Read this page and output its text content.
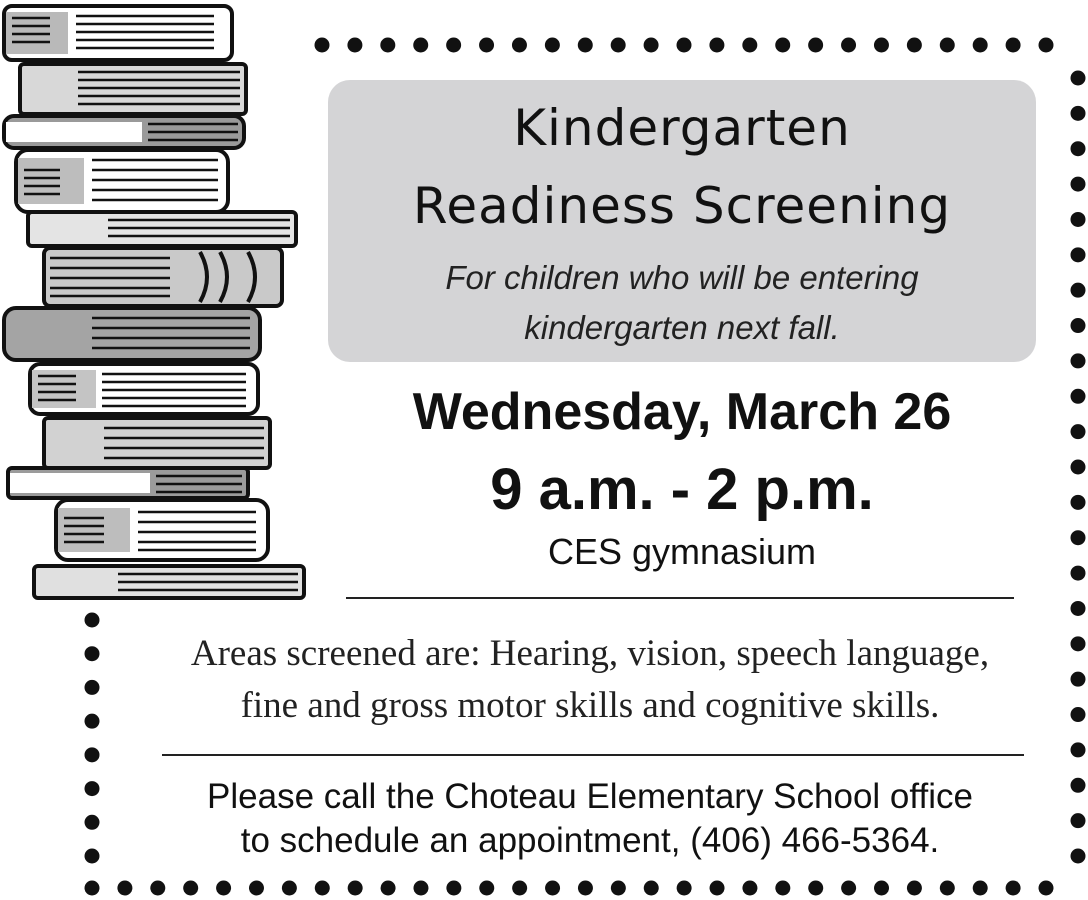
Kindergarten
Readiness Screening
For children who will be entering
kindergarten next fall.
Wednesday, March 26
9 a.m. - 2 p.m.
CES gymnasium
Areas screened are: Hearing, vision, speech language,
fine and gross motor skills and cognitive skills.
Please call the Choteau Elementary School office
to schedule an appointment, (406) 466-5364.
